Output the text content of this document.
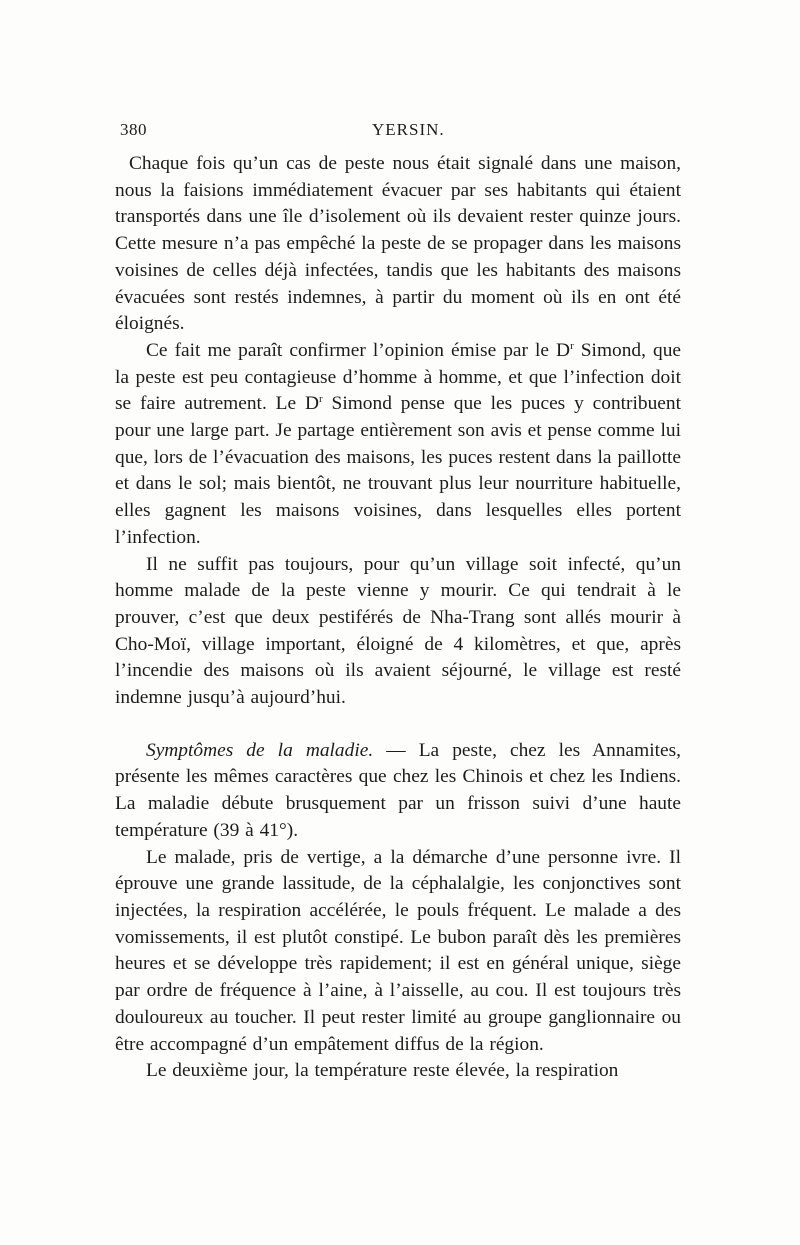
380	YERSIN.

Chaque fois qu’un cas de peste nous était signalé dans une maison, nous la faisions immédiatement évacuer par ses habitants qui étaient transportés dans une île d’isolement où ils devaient rester quinze jours. Cette mesure n’a pas empêché la peste de se propager dans les maisons voisines de celles déjà infectées, tandis que les habitants des maisons évacuées sont restés indemnes, à partir du moment où ils en ont été éloignés.

Ce fait me paraît confirmer l’opinion émise par le $D^r$ Simond, que la peste est peu contagieuse d’homme à homme, et que l’infection doit se faire autrement. Le $D^r$ Simond pense que les puces y contribuent pour une large part. Je partage entièrement son avis et pense comme lui que, lors de l’évacuation des maisons, les puces restent dans la paillotte et dans le sol; mais bientôt, ne trouvant plus leur nourriture habituelle, elles gagnent les maisons voisines, dans lesquelles elles portent l’infection.

Il ne suffit pas toujours, pour qu’un village soit infecté, qu’un homme malade de la peste vienne y mourir. Ce qui tendrait à le prouver, c’est que deux pestiférés de Nha-Trang sont allés mourir à Cho-Moï, village important, éloigné de 4 kilomètres, et que, après l’incendie des maisons où ils avaient séjourné, le village est resté indemne jusqu’à aujourd’hui.

Symptômes de la maladie. — La peste, chez les Annamites, présente les mêmes caractères que chez les Chinois et chez les Indiens. La maladie débute brusquement par un frisson suivi d’une haute température (39 à 41°).

Le malade, pris de vertige, a la démarche d’une personne ivre. Il éprouve une grande lassitude, de la céphalalgie, les conjonctives sont injectées, la respiration accélérée, le pouls fréquent. Le malade a des vomissements, il est plutôt constipé. Le bubon paraît dès les premières heures et se développe très rapidement; il est en général unique, siège par ordre de fréquence à l’aine, à l’aisselle, au cou. Il est toujours très douloureux au toucher. Il peut rester limité au groupe ganglionnaire ou être accompagné d’un empâtement diffus de la région.

Le deuxième jour, la température reste élevée, la respiration
